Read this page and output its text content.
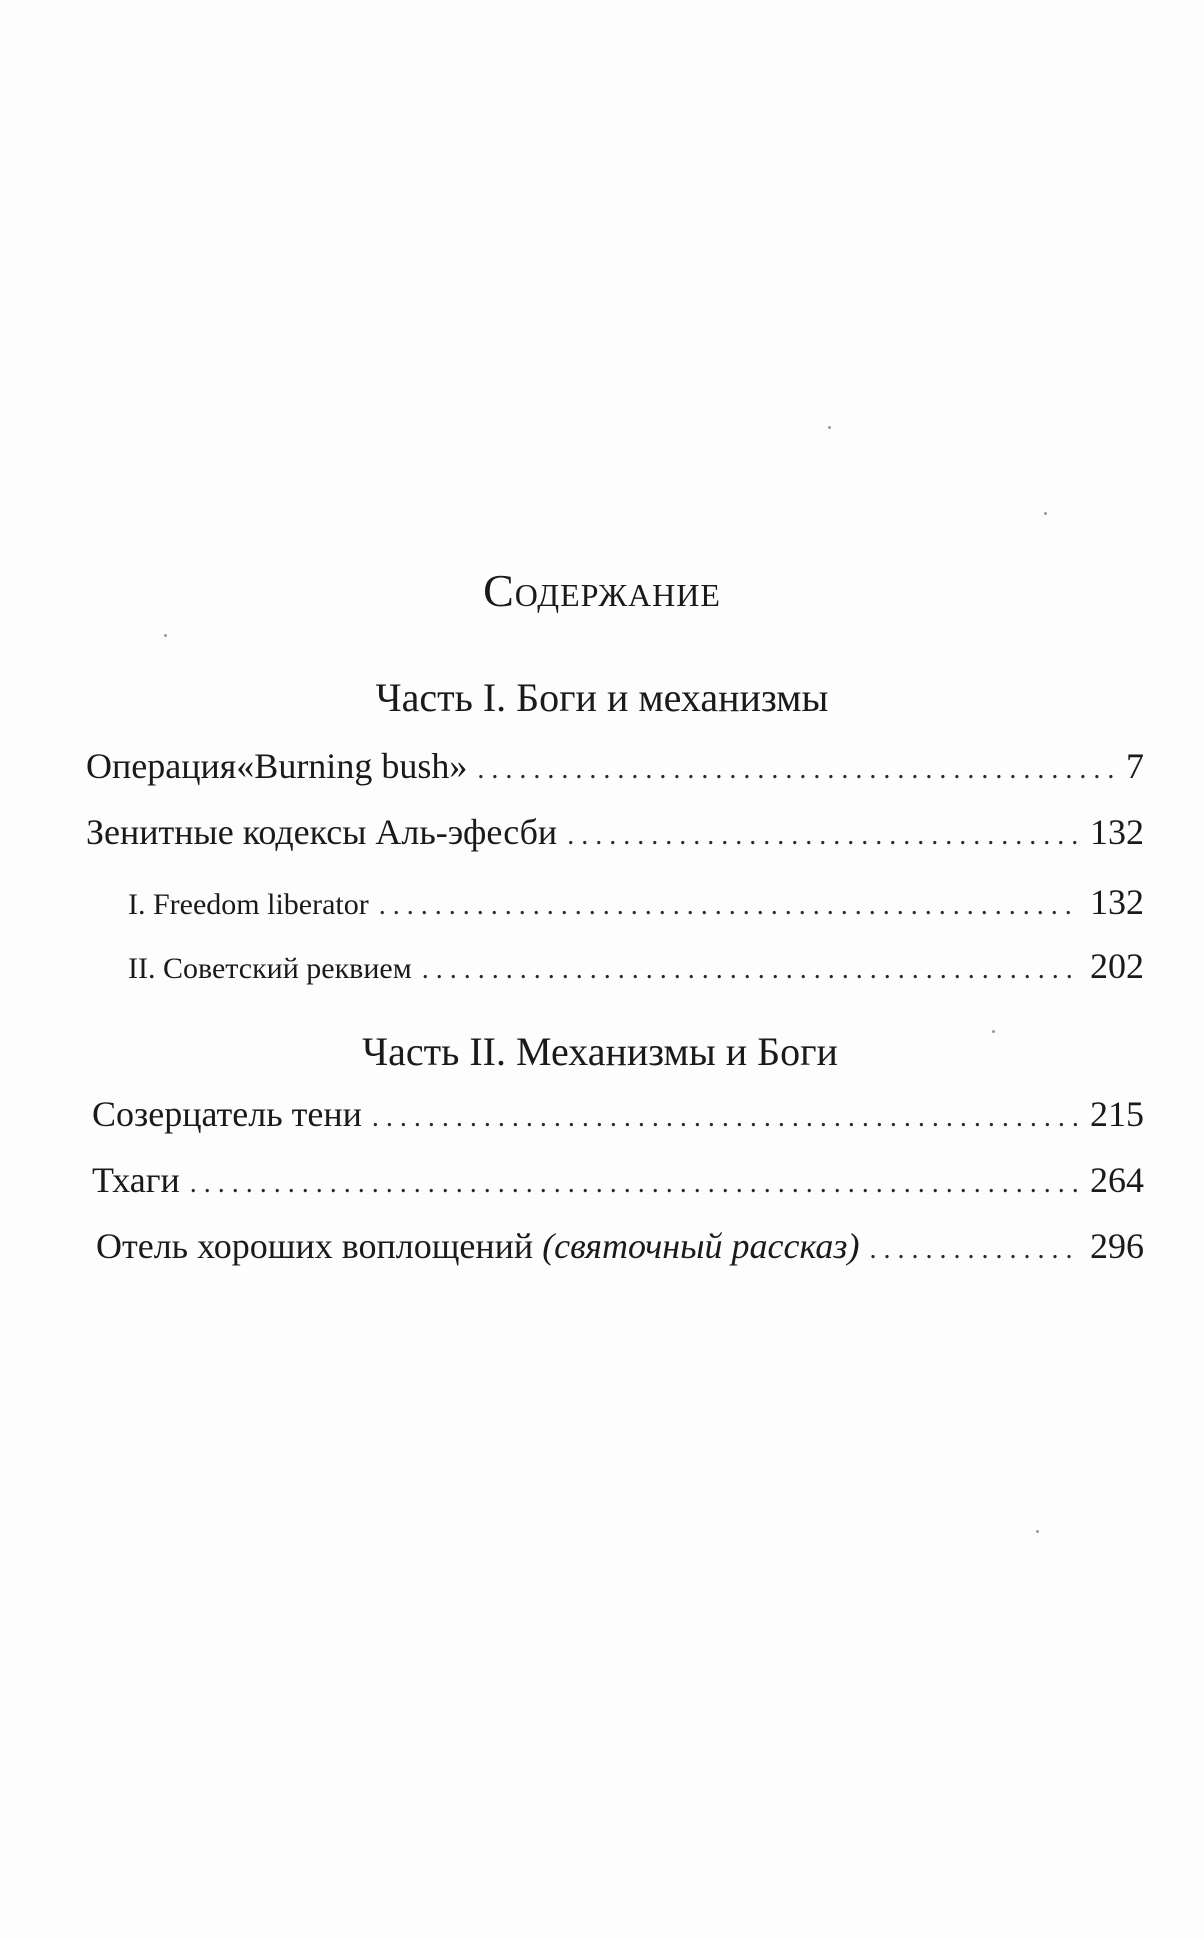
Содержание
Часть I. Боги и механизмы
Операция«Burning bush» . . .	7
Зенитные кодексы Аль-эфесби . . .	132
I. Freedom liberator . . .	132
II. Советский реквием . . .	202
Часть II. Механизмы и Боги
Созерцатель тени . . .	215
Тхаги . . .	264
Отель хороших воплощений (святочный рассказ) . . .	296
